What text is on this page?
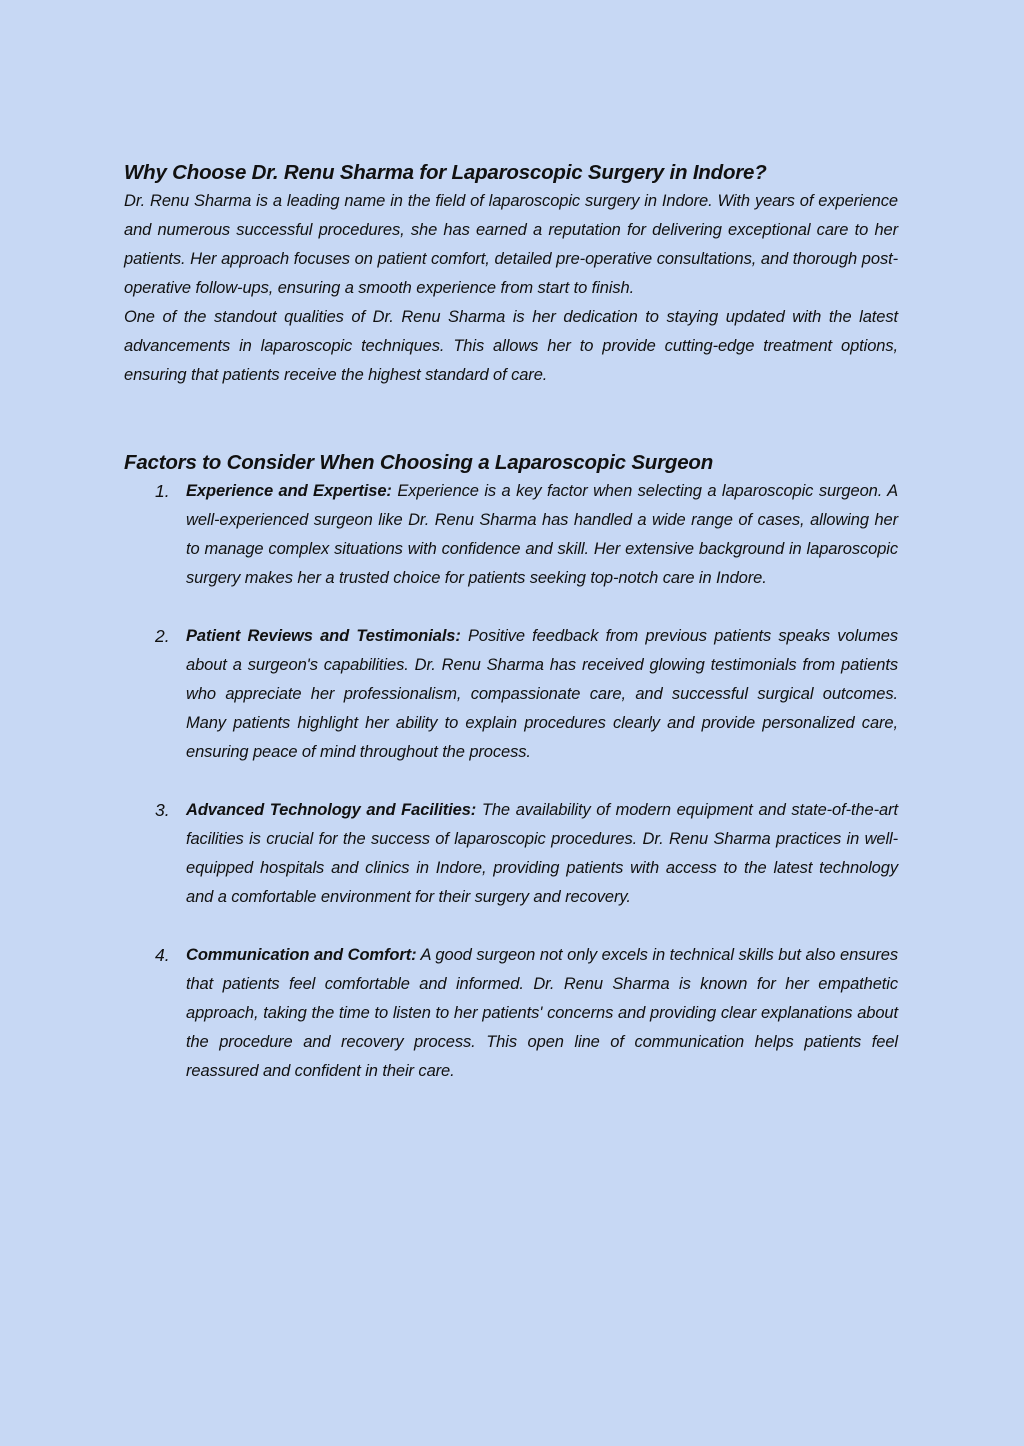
Why Choose Dr. Renu Sharma for Laparoscopic Surgery in Indore?

Dr. Renu Sharma is a leading name in the field of laparoscopic surgery in Indore. With years of experience and numerous successful procedures, she has earned a reputation for delivering exceptional care to her patients. Her approach focuses on patient comfort, detailed pre-operative consultations, and thorough post-operative follow-ups, ensuring a smooth experience from start to finish.

One of the standout qualities of Dr. Renu Sharma is her dedication to staying updated with the latest advancements in laparoscopic techniques. This allows her to provide cutting-edge treatment options, ensuring that patients receive the highest standard of care.

Factors to Consider When Choosing a Laparoscopic Surgeon
1. Experience and Expertise: Experience is a key factor when selecting a laparoscopic surgeon. A well-experienced surgeon like Dr. Renu Sharma has handled a wide range of cases, allowing her to manage complex situations with confidence and skill. Her extensive background in laparoscopic surgery makes her a trusted choice for patients seeking top-notch care in Indore.

2. Patient Reviews and Testimonials: Positive feedback from previous patients speaks volumes about a surgeon's capabilities. Dr. Renu Sharma has received glowing testimonials from patients who appreciate her professionalism, compassionate care, and successful surgical outcomes. Many patients highlight her ability to explain procedures clearly and provide personalized care, ensuring peace of mind throughout the process.

3. Advanced Technology and Facilities: The availability of modern equipment and state-of-the-art facilities is crucial for the success of laparoscopic procedures. Dr. Renu Sharma practices in well-equipped hospitals and clinics in Indore, providing patients with access to the latest technology and a comfortable environment for their surgery and recovery.

4. Communication and Comfort: A good surgeon not only excels in technical skills but also ensures that patients feel comfortable and informed. Dr. Renu Sharma is known for her empathetic approach, taking the time to listen to her patients' concerns and providing clear explanations about the procedure and recovery process. This open line of communication helps patients feel reassured and confident in their care.
